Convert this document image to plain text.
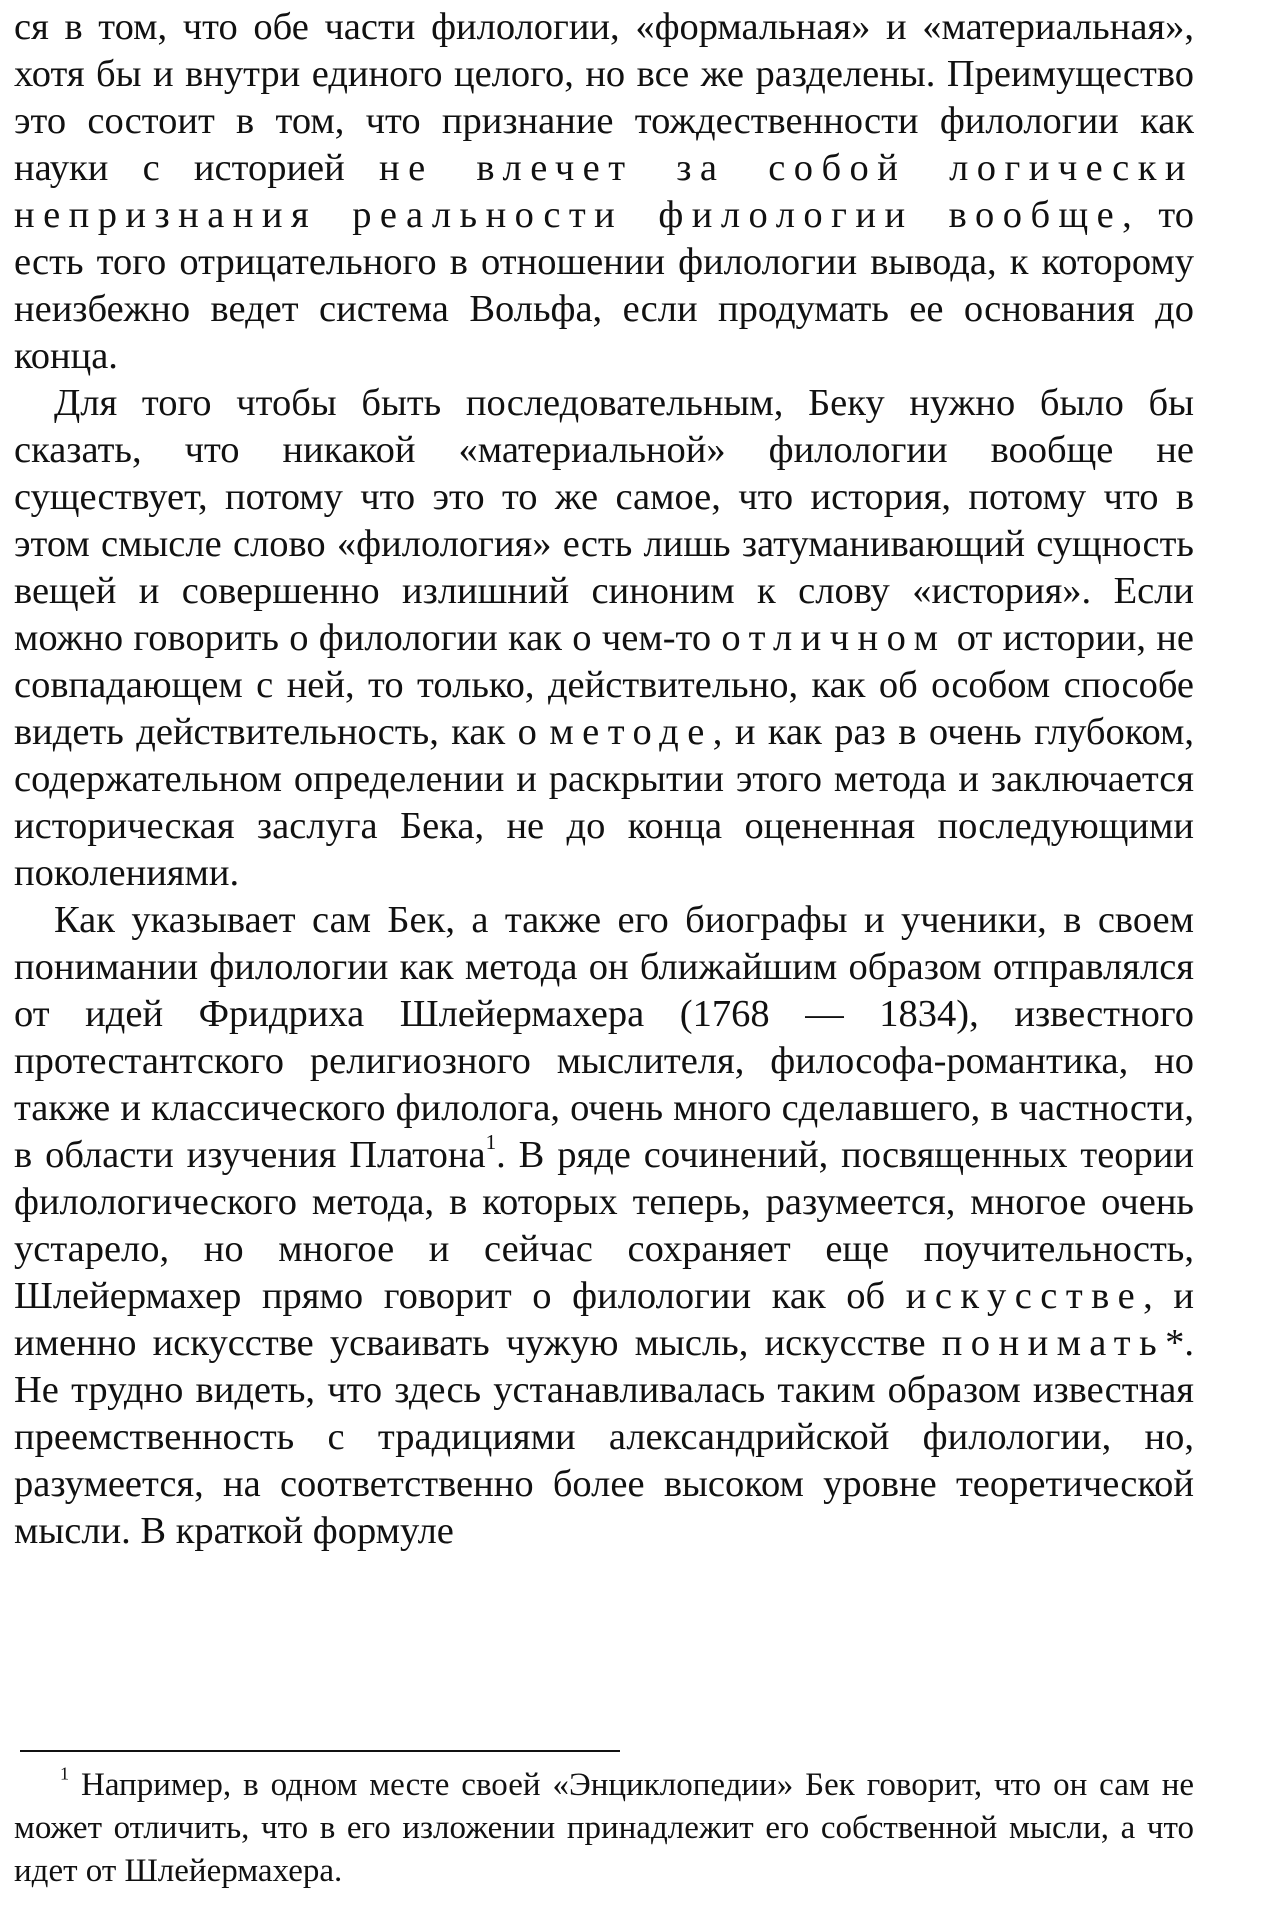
ся в том, что обе части филологии, «формальная» и «материальная», хотя бы и внутри единого целого, но все же разделены. Преимущество это состоит в том, что признание тождественности филологии как науки с историей не влечет за собой логически непризнания реальности филологии вообще, то есть того отрицательного в отношении филологии вывода, к которому неизбежно ведет система Вольфа, если продумать ее основания до конца.

Для того чтобы быть последовательным, Беку нужно было бы сказать, что никакой «материальной» филологии вообще не существует, потому что это то же самое, что история, потому что в этом смысле слово «филология» есть лишь затуманивающий сущность вещей и совершенно излишний синоним к слову «история». Если можно говорить о филологии как о чем-то отличном от истории, не совпадающем с ней, то только, действительно, как об особом способе видеть действительность, как о методе, и как раз в очень глубоком, содержательном определении и раскрытии этого метода и заключается историческая заслуга Бека, не до конца оцененная последующими поколениями.

Как указывает сам Бек, а также его биографы и ученики, в своем понимании филологии как метода он ближайшим образом отправлялся от идей Фридриха Шлейермахера (1768 — 1834), известного протестантского религиозного мыслителя, философа-романтика, но также и классического филолога, очень много сделавшего, в частности, в области изучения Платона$^1$. В ряде сочинений, посвященных теории филологического метода, в которых теперь, разумеется, многое очень устарело, но многое и сейчас сохраняет еще поучительность, Шлейермахер прямо говорит о филологии как об искусстве, и именно искусстве усваивать чужую мысль, искусстве понимать*. Не трудно видеть, что здесь устанавливалась таким образом известная преемственность с традициями александрийской филологии, но, разумеется, на соответственно более высоком уровне теоретической мысли. В краткой формуле

$^1$ Например, в одном месте своей «Энциклопедии» Бек говорит, что он сам не может отличить, что в его изложении принадлежит его собственной мысли, а что идет от Шлейермахера.
